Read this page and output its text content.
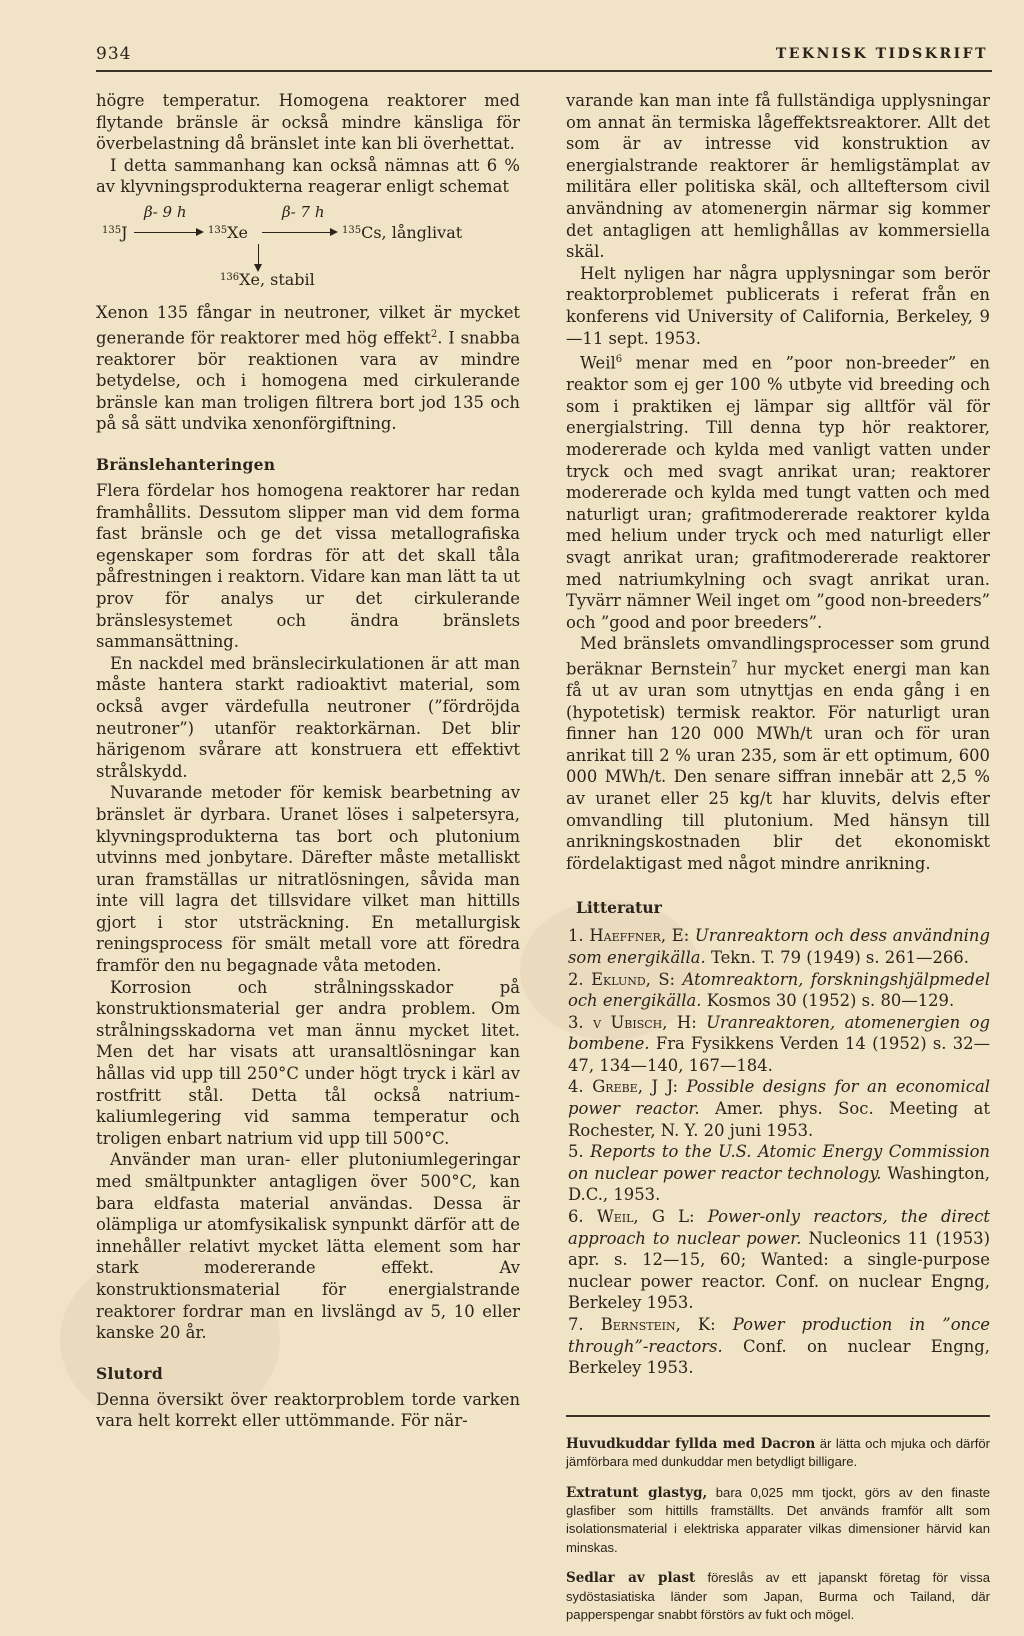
934	TEKNISK TIDSKRIFT

högre temperatur. Homogena reaktorer med flytande bränsle är också mindre känsliga för överbelastning då bränslet inte kan bli överhettat.

I detta sammanhang kan också nämnas att 6 % av klyvningsprodukterna reagerar enligt schemat

$^{135}$J
β- 9 h
$^{135}$Xe
β- 7 h
$^{135}$Cs, långlivat
$^{136}$Xe, stabil

Xenon 135 fångar in neutroner, vilket är mycket generande för reaktorer med hög effekt$^2$. I snabba reaktorer bör reaktionen vara av mindre betydelse, och i homogena med cirkulerande bränsle kan man troligen filtrera bort jod 135 och på så sätt undvika xenonförgiftning.

Bränslehanteringen

Flera fördelar hos homogena reaktorer har redan framhållits. Dessutom slipper man vid dem forma fast bränsle och ge det vissa metallografiska egenskaper som fordras för att det skall tåla påfrestningen i reaktorn. Vidare kan man lätt ta ut prov för analys ur det cirkulerande bränslesystemet och ändra bränslets sammansättning.

En nackdel med bränslecirkulationen är att man måste hantera starkt radioaktivt material, som också avger värdefulla neutroner (”fördröjda neutroner”) utanför reaktorkärnan. Det blir härigenom svårare att konstruera ett effektivt strålskydd.

Nuvarande metoder för kemisk bearbetning av bränslet är dyrbara. Uranet löses i salpetersyra, klyvningsprodukterna tas bort och plutonium utvinns med jonbytare. Därefter måste metalliskt uran framställas ur nitratlösningen, såvida man inte vill lagra det tillsvidare vilket man hittills gjort i stor utsträckning. En metallurgisk reningsprocess för smält metall vore att föredra framför den nu begagnade våta metoden.

Korrosion och strålningsskador på konstruktionsmaterial ger andra problem. Om strålningsskadorna vet man ännu mycket litet. Men det har visats att uransaltlösningar kan hållas vid upp till 250°C under högt tryck i kärl av rostfritt stål. Detta tål också natrium-kaliumlegering vid samma temperatur och troligen enbart natrium vid upp till 500°C.

Använder man uran- eller plutoniumlegeringar med smältpunkter antagligen över 500°C, kan bara eldfasta material användas. Dessa är olämpliga ur atomfysikalisk synpunkt därför att de innehåller relativt mycket lätta element som har stark modererande effekt. Av konstruktionsmaterial för energialstrande reaktorer fordrar man en livslängd av 5, 10 eller kanske 20 år.

Slutord

Denna översikt över reaktorproblem torde varken vara helt korrekt eller uttömmande. För när-

varande kan man inte få fullständiga upplysningar om annat än termiska lågeffektsreaktorer. Allt det som är av intresse vid konstruktion av energialstrande reaktorer är hemligstämplat av militära eller politiska skäl, och allteftersom civil användning av atomenergin närmar sig kommer det antagligen att hemlighållas av kommersiella skäl.

Helt nyligen har några upplysningar som berör reaktorproblemet publicerats i referat från en konferens vid University of California, Berkeley, 9—11 sept. 1953.

Weil$^6$ menar med en ”poor non-breeder” en reaktor som ej ger 100 % utbyte vid breeding och som i praktiken ej lämpar sig alltför väl för energialstring. Till denna typ hör reaktorer, modererade och kylda med vanligt vatten under tryck och med svagt anrikat uran; reaktorer modererade och kylda med tungt vatten och med naturligt uran; grafitmodererade reaktorer kylda med helium under tryck och med naturligt eller svagt anrikat uran; grafitmodererade reaktorer med natriumkylning och svagt anrikat uran. Tyvärr nämner Weil inget om ”good non-breeders” och ”good and poor breeders”.

Med bränslets omvandlingsprocesser som grund beräknar Bernstein$^7$ hur mycket energi man kan få ut av uran som utnyttjas en enda gång i en (hypotetisk) termisk reaktor. För naturligt uran finner han 120 000 MWh/t uran och för uran anrikat till 2 % uran 235, som är ett optimum, 600 000 MWh/t. Den senare siffran innebär att 2,5 % av uranet eller 25 kg/t har kluvits, delvis efter omvandling till plutonium. Med hänsyn till anrikningskostnaden blir det ekonomiskt fördelaktigast med något mindre anrikning.

Litteratur

1. Haeffner, E: Uranreaktorn och dess användning som energikälla. Tekn. T. 79 (1949) s. 261—266.

2. Eklund, S: Atomreaktorn, forskningshjälpmedel och energikälla. Kosmos 30 (1952) s. 80—129.

3. v Ubisch, H: Uranreaktoren, atomenergien og bombene. Fra Fysikkens Verden 14 (1952) s. 32—47, 134—140, 167—184.

4. Grebe, J J: Possible designs for an economical power reactor. Amer. phys. Soc. Meeting at Rochester, N. Y. 20 juni 1953.

5. Reports to the U.S. Atomic Energy Commission on nuclear power reactor technology. Washington, D.C., 1953.

6. Weil, G L: Power-only reactors, the direct approach to nuclear power. Nucleonics 11 (1953) apr. s. 12—15, 60; Wanted: a single-purpose nuclear power reactor. Conf. on nuclear Engng, Berkeley 1953.

7. Bernstein, K: Power production in ”once through”-reactors. Conf. on nuclear Engng, Berkeley 1953.

Huvudkuddar fyllda med Dacron är lätta och mjuka och därför jämförbara med dunkuddar men betydligt billigare.

Extratunt glastyg, bara 0,025 mm tjockt, görs av den finaste glasfiber som hittills framställts. Det används framför allt som isolationsmaterial i elektriska apparater vilkas dimensioner härvid kan minskas.

Sedlar av plast föreslås av ett japanskt företag för vissa sydöstasiatiska länder som Japan, Burma och Tailand, där papperspengar snabbt förstörs av fukt och mögel.
